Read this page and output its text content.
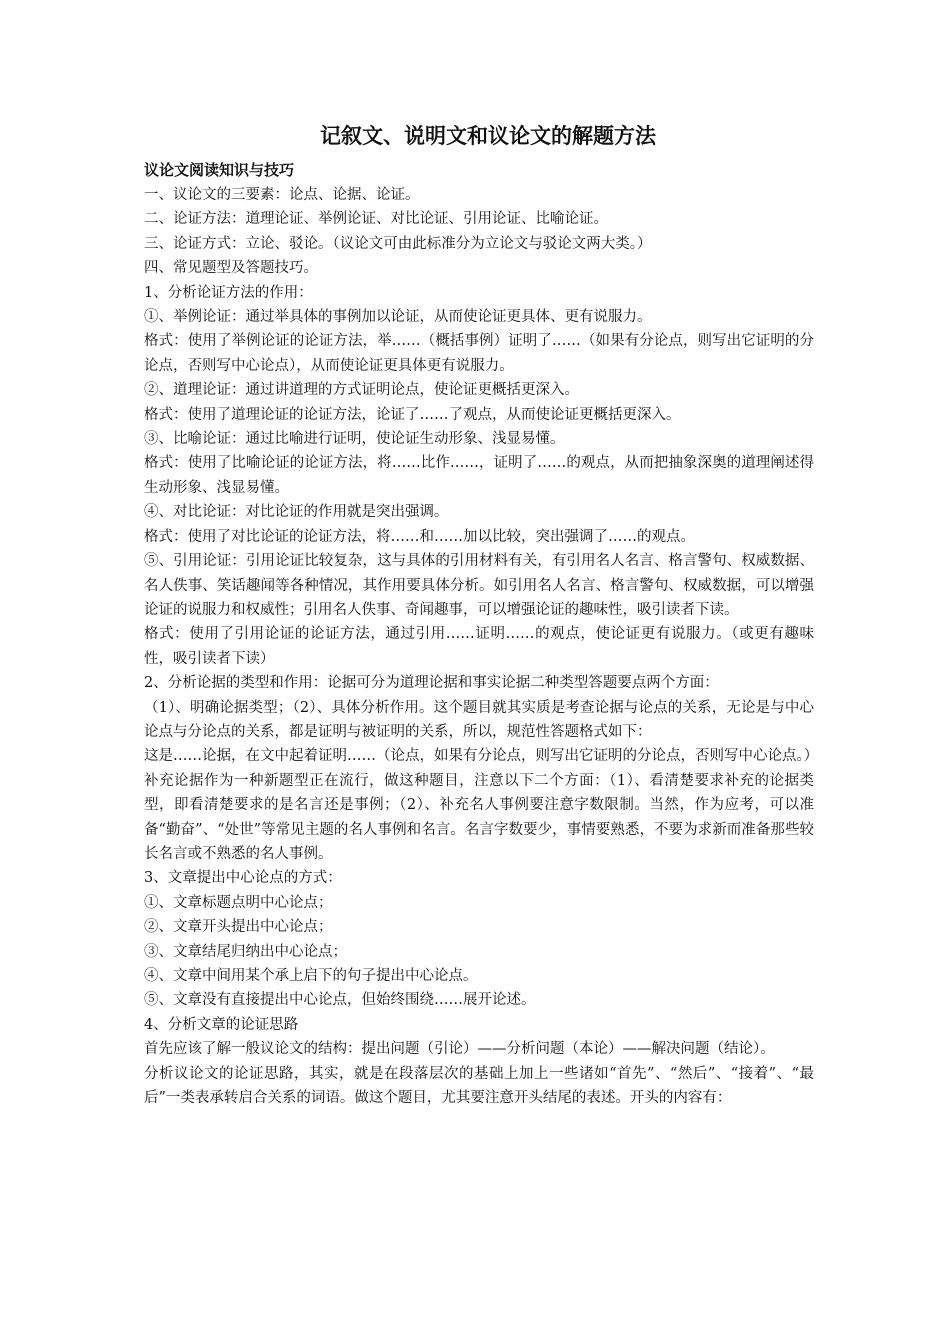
记叙文、说明文和议论文的解题方法
议论文阅读知识与技巧

一、议论文的三要素：论点、论据、论证。

二、论证方法：道理论证、举例论证、对比论证、引用论证、比喻论证。

三、论证方式：立论、驳论。（议论文可由此标准分为立论文与驳论文两大类。）

四、常见题型及答题技巧。

1、分析论证方法的作用：

①、举例论证：通过举具体的事例加以论证，从而使论证更具体、更有说服力。

格式：使用了举例论证的论证方法，举……（概括事例）证明了……（如果有分论点，则写出它证明的分论点，否则写中心论点），从而使论证更具体更有说服力。

②、道理论证：通过讲道理的方式证明论点，使论证更概括更深入。

格式：使用了道理论证的论证方法，论证了……了观点，从而使论证更概括更深入。

③、比喻论证：通过比喻进行证明，使论证生动形象、浅显易懂。

格式：使用了比喻论证的论证方法，将……比作……，证明了……的观点，从而把抽象深奥的道理阐述得生动形象、浅显易懂。

④、对比论证：对比论证的作用就是突出强调。

格式：使用了对比论证的论证方法，将……和……加以比较，突出强调了……的观点。

⑤、引用论证：引用论证比较复杂，这与具体的引用材料有关，有引用名人名言、格言警句、权威数据、名人佚事、笑话趣闻等各种情况，其作用要具体分析。如引用名人名言、格言警句、权威数据，可以增强论证的说服力和权威性；引用名人佚事、奇闻趣事，可以增强论证的趣味性，吸引读者下读。

格式：使用了引用论证的论证方法，通过引用……证明……的观点，使论证更有说服力。（或更有趣味性，吸引读者下读）

2、分析论据的类型和作用：论据可分为道理论据和事实论据二种类型答题要点两个方面：

（1）、明确论据类型；（2）、具体分析作用。这个题目就其实质是考查论据与论点的关系，无论是与中心论点与分论点的关系，都是证明与被证明的关系，所以，规范性答题格式如下：

这是……论据，在文中起着证明……（论点，如果有分论点，则写出它证明的分论点，否则写中心论点。）

补充论据作为一种新题型正在流行，做这种题目，注意以下二个方面：（1）、看清楚要求补充的论据类型，即看清楚要求的是名言还是事例；（2）、补充名人事例要注意字数限制。当然，作为应考，可以准备“勤奋”、“处世”等常见主题的名人事例和名言。名言字数要少，事情要熟悉，不要为求新而准备那些较长名言或不熟悉的名人事例。

3、文章提出中心论点的方式：

①、文章标题点明中心论点；

②、文章开头提出中心论点；

③、文章结尾归纳出中心论点；

④、文章中间用某个承上启下的句子提出中心论点。

⑤、文章没有直接提出中心论点，但始终围绕……展开论述。

4、分析文章的论证思路

首先应该了解一般议论文的结构：提出问题（引论）——分析问题（本论）——解决问题（结论）。

分析议论文的论证思路，其实，就是在段落层次的基础上加上一些诸如“首先”、“然后”、“接着”、“最后”一类表承转启合关系的词语。做这个题目，尤其要注意开头结尾的表述。开头的内容有：
